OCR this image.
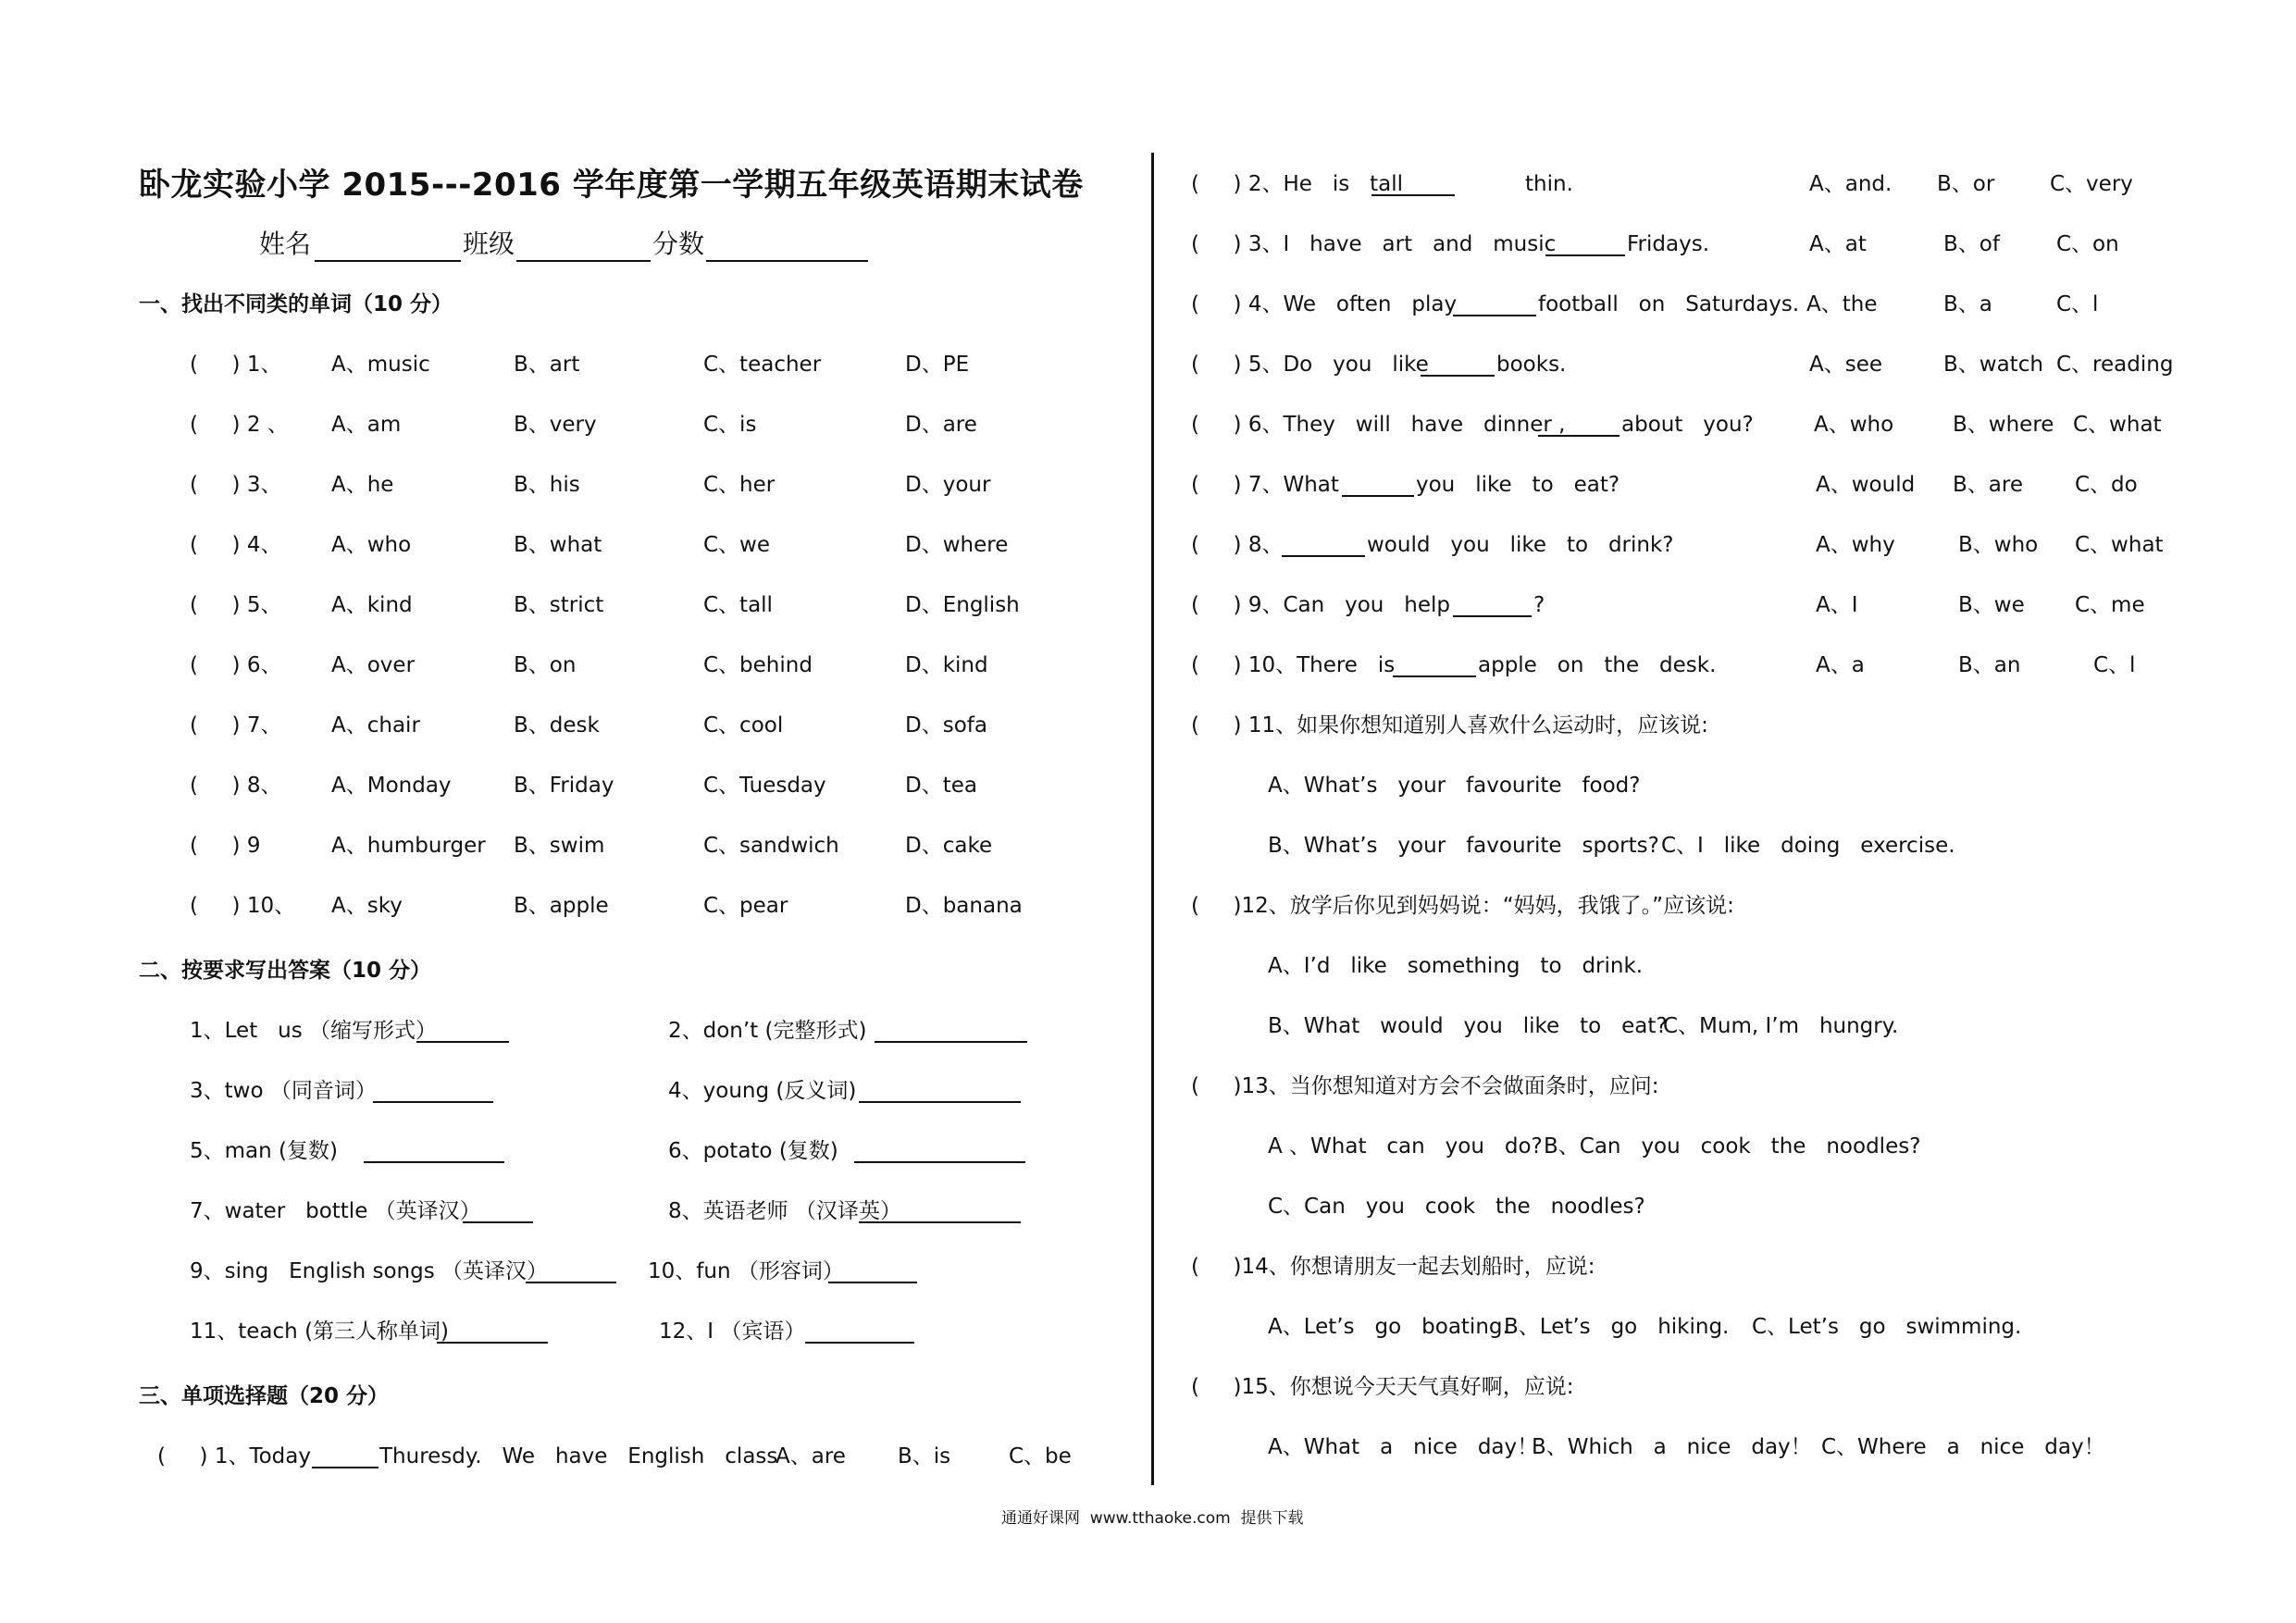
卧龙实验小学 2015---2016 学年度第一学期五年级英语期末试卷
姓名	班级	分数
一、找出不同类的单词（10 分）
(     ) 1、 A、music	B、art	C、teacher	D、PE
(     ) 2 、 A、am	B、very	C、is	D、are
(     ) 3、 A、he	B、his	C、her	D、your
(     ) 4、 A、who	B、what	C、we	D、where
(     ) 5、 A、kind	B、strict	C、tall	D、English
(     ) 6、 A、over	B、on	C、behind	D、kind
(     ) 7、 A、chair	B、desk	C、cool	D、sofa
(     ) 8、 A、Monday	B、Friday	C、Tuesday	D、tea
(     ) 9	A、humburger B、swim	C、sandwich	D、cake
(     ) 10、 A、sky	B、apple	C、pear	D、banana
二、按要求写出答案（10 分）
1、Let   us （缩写形式）	2、don’t (完整形式)
3、two （同音词）	4、young (反义词)
5、man (复数)	6、potato (复数)
7、water   bottle （英译汉）	8、英语老师 （汉译英）
9、sing   English songs （英译汉）	10、fun （形容词）
11、teach (第三人称单词)	12、I （宾语）
三、单项选择题（20 分）
(     ) 1、Today	Thuresdy.   We   have   English   class
A、are B、is	C、be
(     ) 2、He   is   tall	thin.	A、and. B、or	C、very
(     ) 3、I   have   art   and   music	Fridays.	A、at	B、of	C、on
(     ) 4、We   often   play	football   on   Saturdays. A、the	B、a	C、l
(     ) 5、Do   you   like	books.	A、see	B、watch C、reading
(     ) 6、They   will   have   dinner ,	about   you?	A、who	B、where C、what
(     ) 7、What	you   like   to   eat?	A、would B、are C、do
(     ) 8、	would   you   like   to   drink?	A、why	B、who C、what
(     ) 9、Can   you   help	?	A、I	B、we C、me
(     ) 10、There   is	apple   on   the   desk.	A、a	B、an	C、l
(     ) 11、如果你想知道别人喜欢什么运动时，应该说:
A、What’s   your   favourite   food?
B、What’s   your   favourite   sports? C、I   like   doing   exercise.
(     )12、放学后你见到妈妈说：“妈妈，我饿了。”应该说:
A、I’d   like   something   to   drink.
B、What   would   you   like   to   eat?
C、Mum, I’m   hungry.
(     )13、当你想知道对方会不会做面条时，应问:
A 、What   can   you   do? B、Can   you   cook   the   noodles?
C、Can   you   cook   the   noodles?
(     )14、你想请朋友一起去划船时，应说:
A、Let’s   go   boating.
B、Let’s   go   hiking. C、Let’s   go   swimming.
(     )15、你想说今天天气真好啊，应说:
A、What   a   nice   day！
B、Which   a   nice   day！ C、Where   a   nice   day！
通通好课网  www.tthaoke.com  提供下载
